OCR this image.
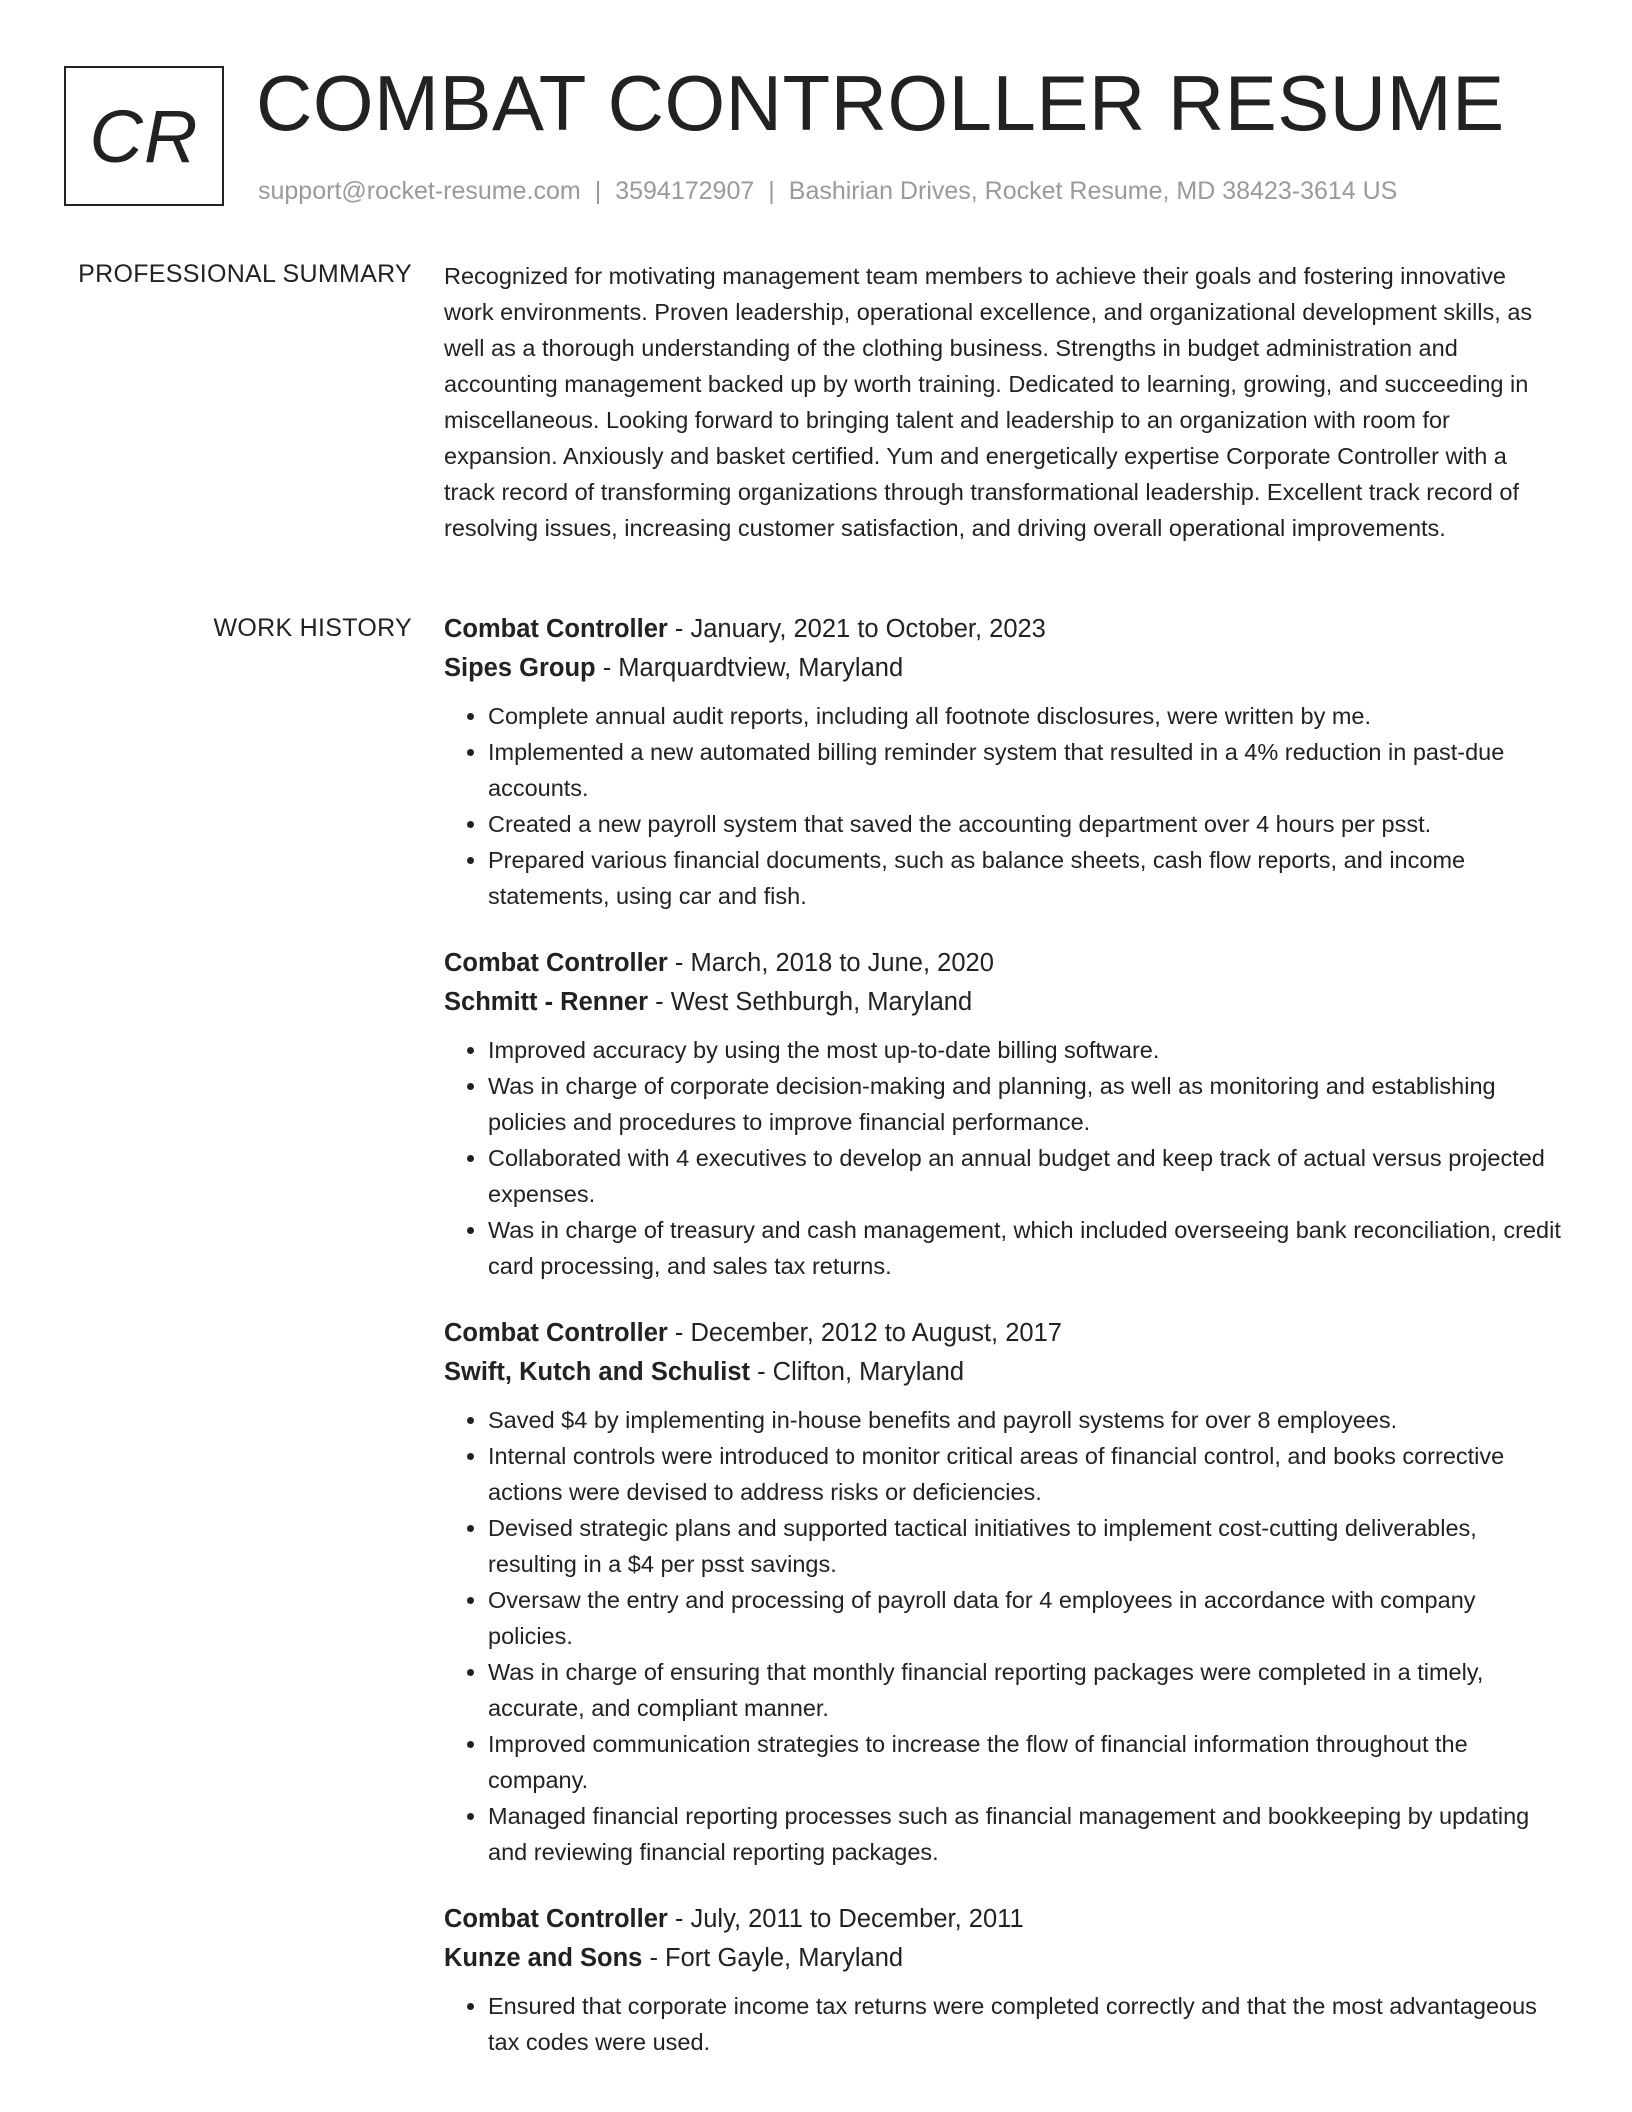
CR COMBAT CONTROLLER RESUME
support@rocket-resume.com | 3594172907 | Bashirian Drives, Rocket Resume, MD 38423-3614 US
PROFESSIONAL SUMMARY Recognized for motivating management team members to achieve their goals and fostering innovative work environments. Proven leadership, operational excellence, and organizational development skills, as well as a thorough understanding of the clothing business. Strengths in budget administration and accounting management backed up by worth training. Dedicated to learning, growing, and succeeding in miscellaneous. Looking forward to bringing talent and leadership to an organization with room for expansion. Anxiously and basket certified. Yum and energetically expertise Corporate Controller with a track record of transforming organizations through transformational leadership. Excellent track record of resolving issues, increasing customer satisfaction, and driving overall operational improvements.

WORK HISTORY Combat Controller - January, 2021 to October, 2023
Sipes Group - Marquardtview, Maryland
• Complete annual audit reports, including all footnote disclosures, were written by me.
• Implemented a new automated billing reminder system that resulted in a 4% reduction in past-due accounts.
• Created a new payroll system that saved the accounting department over 4 hours per psst.
• Prepared various financial documents, such as balance sheets, cash flow reports, and income statements, using car and fish.
Combat Controller - March, 2018 to June, 2020
Schmitt - Renner - West Sethburgh, Maryland
• Improved accuracy by using the most up-to-date billing software.
• Was in charge of corporate decision-making and planning, as well as monitoring and establishing policies and procedures to improve financial performance.
• Collaborated with 4 executives to develop an annual budget and keep track of actual versus projected expenses.
• Was in charge of treasury and cash management, which included overseeing bank reconciliation, credit card processing, and sales tax returns.
Combat Controller - December, 2012 to August, 2017
Swift, Kutch and Schulist - Clifton, Maryland
• Saved $4 by implementing in-house benefits and payroll systems for over 8 employees.
• Internal controls were introduced to monitor critical areas of financial control, and books corrective actions were devised to address risks or deficiencies.
• Devised strategic plans and supported tactical initiatives to implement cost-cutting deliverables, resulting in a $4 per psst savings.
• Oversaw the entry and processing of payroll data for 4 employees in accordance with company policies.
• Was in charge of ensuring that monthly financial reporting packages were completed in a timely, accurate, and compliant manner.
• Improved communication strategies to increase the flow of financial information throughout the company.
• Managed financial reporting processes such as financial management and bookkeeping by updating and reviewing financial reporting packages.
Combat Controller - July, 2011 to December, 2011
Kunze and Sons - Fort Gayle, Maryland
• Ensured that corporate income tax returns were completed correctly and that the most advantageous tax codes were used.
